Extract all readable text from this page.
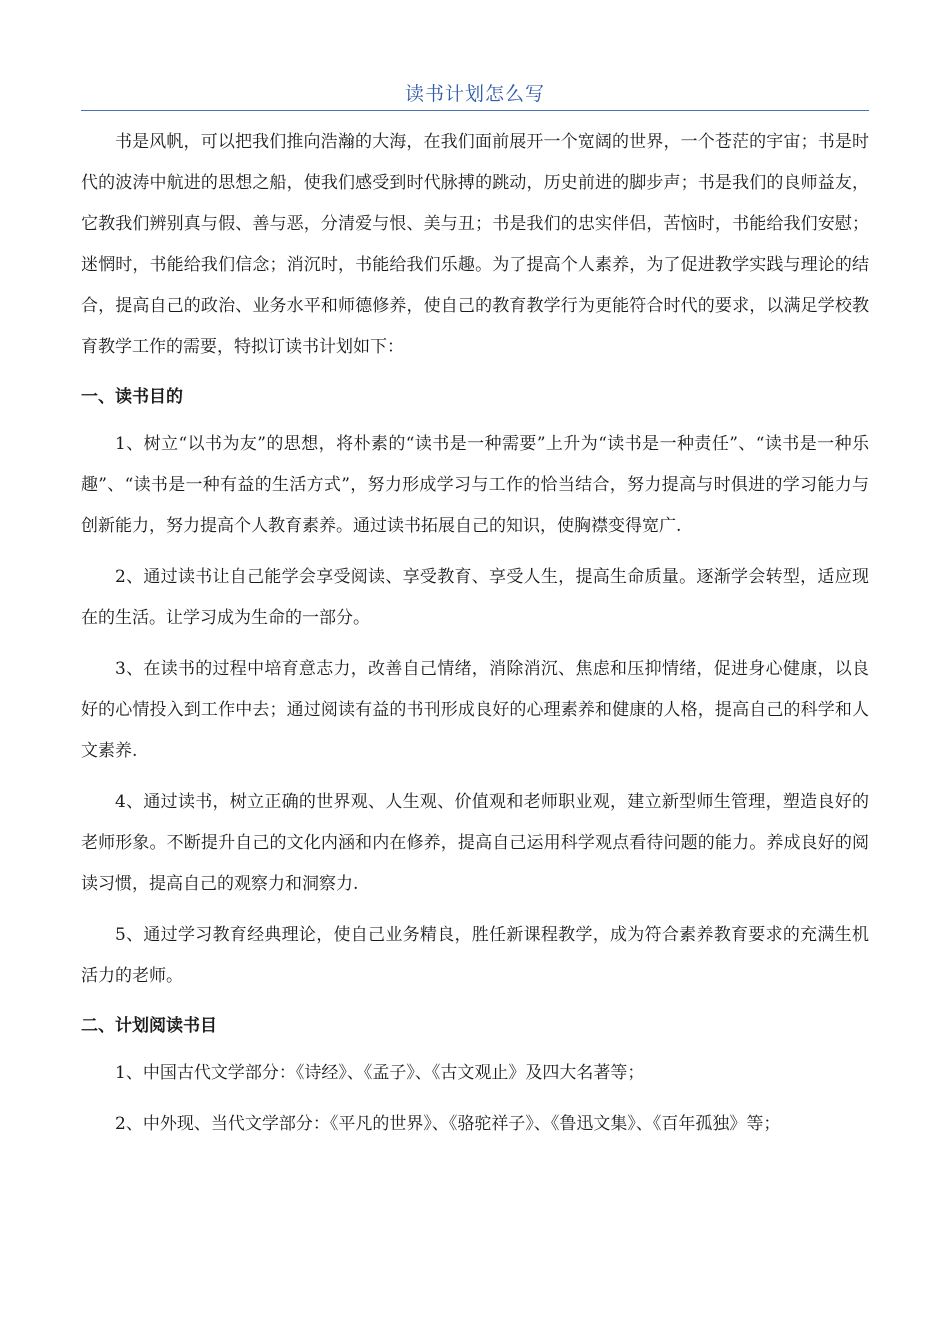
读书计划怎么写

书是风帆，可以把我们推向浩瀚的大海，在我们面前展开一个宽阔的世界，一个苍茫的宇宙；书是时代的波涛中航进的思想之船，使我们感受到时代脉搏的跳动，历史前进的脚步声；书是我们的良师益友，它教我们辨别真与假、善与恶，分清爱与恨、美与丑；书是我们的忠实伴侣，苦恼时，书能给我们安慰；迷惘时，书能给我们信念；消沉时，书能给我们乐趣。为了提高个人素养，为了促进教学实践与理论的结合，提高自己的政治、业务水平和师德修养，使自己的教育教学行为更能符合时代的要求，以满足学校教育教学工作的需要，特拟订读书计划如下：

一、读书目的

1、树立“以书为友”的思想，将朴素的“读书是一种需要”上升为“读书是一种责任”、“读书是一种乐趣”、“读书是一种有益的生活方式”，努力形成学习与工作的恰当结合，努力提高与时俱进的学习能力与创新能力，努力提高个人教育素养。通过读书拓展自己的知识，使胸襟变得宽广.

2、通过读书让自己能学会享受阅读、享受教育、享受人生，提高生命质量。逐渐学会转型，适应现在的生活。让学习成为生命的一部分。

3、在读书的过程中培育意志力，改善自己情绪，消除消沉、焦虑和压抑情绪，促进身心健康，以良好的心情投入到工作中去；通过阅读有益的书刊形成良好的心理素养和健康的人格，提高自己的科学和人文素养.

4、通过读书，树立正确的世界观、人生观、价值观和老师职业观，建立新型师生管理，塑造良好的老师形象。不断提升自己的文化内涵和内在修养，提高自己运用科学观点看待问题的能力。养成良好的阅读习惯，提高自己的观察力和洞察力.

5、通过学习教育经典理论，使自己业务精良，胜任新课程教学，成为符合素养教育要求的充满生机活力的老师。

二、计划阅读书目

1、中国古代文学部分：《诗经》、《孟子》、《古文观止》及四大名著等；

2、中外现、当代文学部分：《平凡的世界》、《骆驼祥子》、《鲁迅文集》、《百年孤独》等；
